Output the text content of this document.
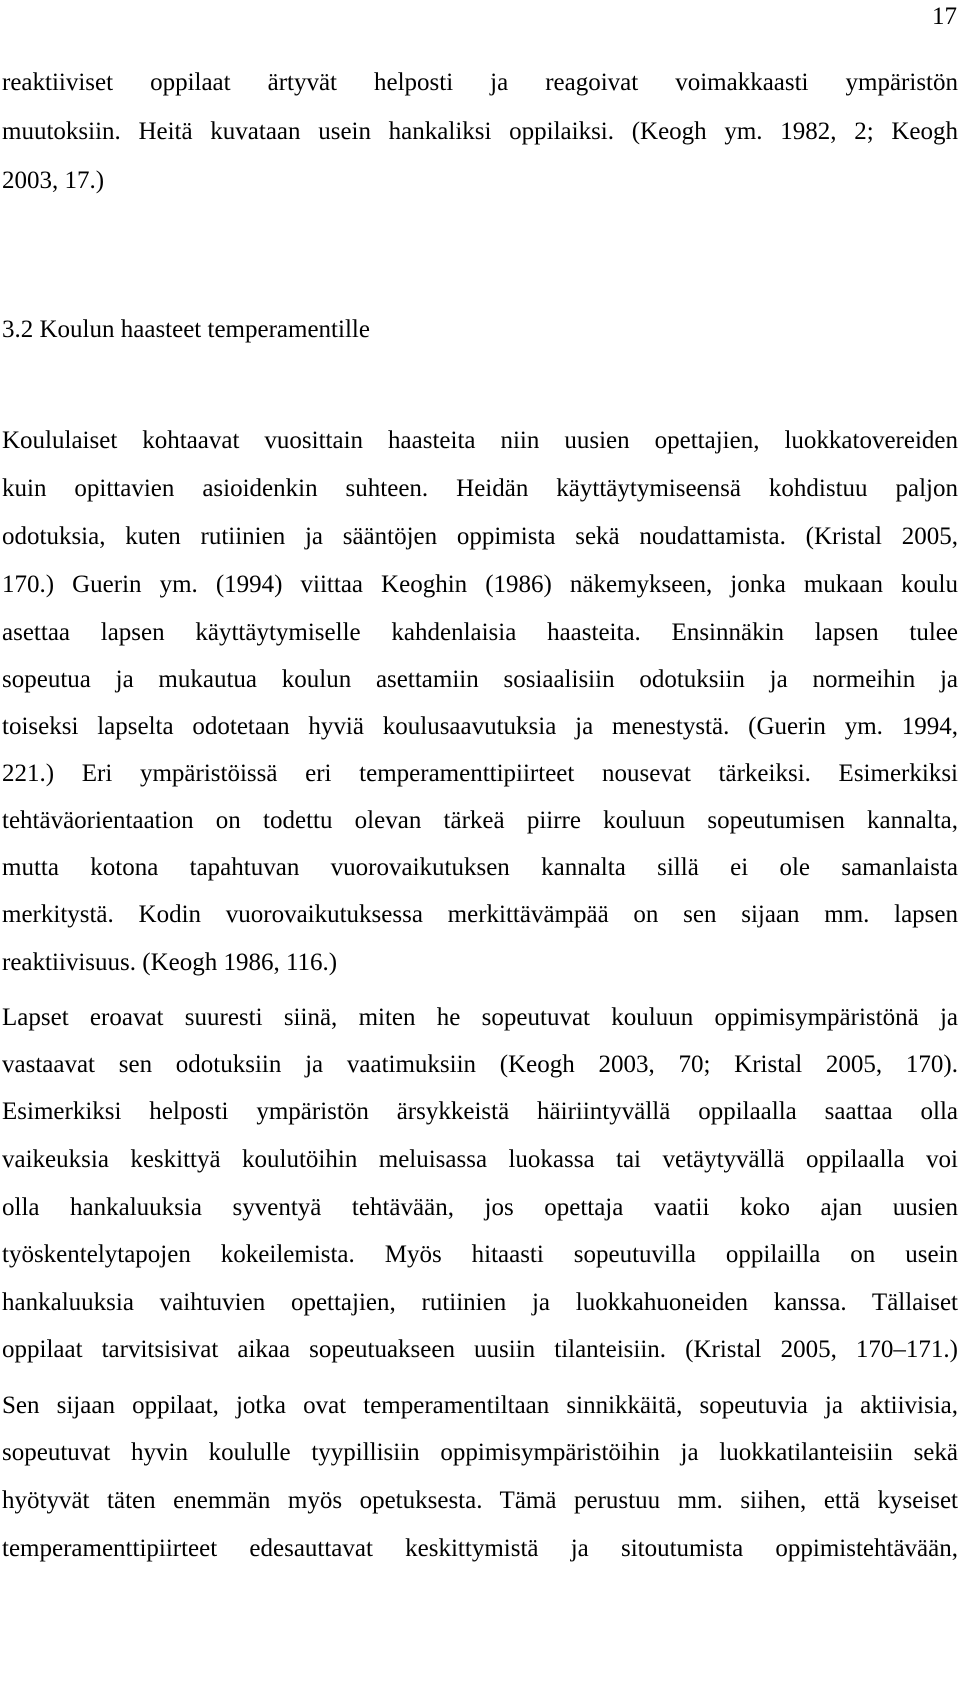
17
reaktiiviset oppilaat ärtyvät helposti ja reagoivat voimakkaasti ympäristön
muutoksiin. Heitä kuvataan usein hankaliksi oppilaiksi. (Keogh ym. 1982, 2; Keogh
2003, 17.)
3.2 Koulun haasteet temperamentille
Koululaiset kohtaavat vuosittain haasteita niin uusien opettajien, luokkatovereiden
kuin opittavien asioidenkin suhteen. Heidän käyttäytymiseensä kohdistuu paljon
odotuksia, kuten rutiinien ja sääntöjen oppimista sekä noudattamista. (Kristal 2005,
170.) Guerin ym. (1994) viittaa Keoghin (1986) näkemykseen, jonka mukaan koulu
asettaa lapsen käyttäytymiselle kahdenlaisia haasteita. Ensinnäkin lapsen tulee
sopeutua ja mukautua koulun asettamiin sosiaalisiin odotuksiin ja normeihin ja
toiseksi lapselta odotetaan hyviä koulusaavutuksia ja menestystä. (Guerin ym. 1994,
221.) Eri ympäristöissä eri temperamenttipiirteet nousevat tärkeiksi. Esimerkiksi
tehtäväorientaation on todettu olevan tärkeä piirre kouluun sopeutumisen kannalta,
mutta kotona tapahtuvan vuorovaikutuksen kannalta sillä ei ole samanlaista
merkitystä. Kodin vuorovaikutuksessa merkittävämpää on sen sijaan mm. lapsen
reaktiivisuus. (Keogh 1986, 116.)
Lapset eroavat suuresti siinä, miten he sopeutuvat kouluun oppimisympäristönä ja
vastaavat sen odotuksiin ja vaatimuksiin (Keogh 2003, 70; Kristal 2005, 170).
Esimerkiksi helposti ympäristön ärsykkeistä häiriintyvällä oppilaalla saattaa olla
vaikeuksia keskittyä koulutöihin meluisassa luokassa tai vetäytyvällä oppilaalla voi
olla hankaluuksia syventyä tehtävään, jos opettaja vaatii koko ajan uusien
työskentelytapojen kokeilemista. Myös hitaasti sopeutuvilla oppilailla on usein
hankaluuksia vaihtuvien opettajien, rutiinien ja luokkahuoneiden kanssa. Tällaiset
oppilaat tarvitsisivat aikaa sopeutuakseen uusiin tilanteisiin. (Kristal 2005, 170–171.)
Sen sijaan oppilaat, jotka ovat temperamentiltaan sinnikkäitä, sopeutuvia ja aktiivisia,
sopeutuvat hyvin koululle tyypillisiin oppimisympäristöihin ja luokkatilanteisiin sekä
hyötyvät täten enemmän myös opetuksesta. Tämä perustuu mm. siihen, että kyseiset
temperamenttipiirteet edesauttavat keskittymistä ja sitoutumista oppimistehtävään,
